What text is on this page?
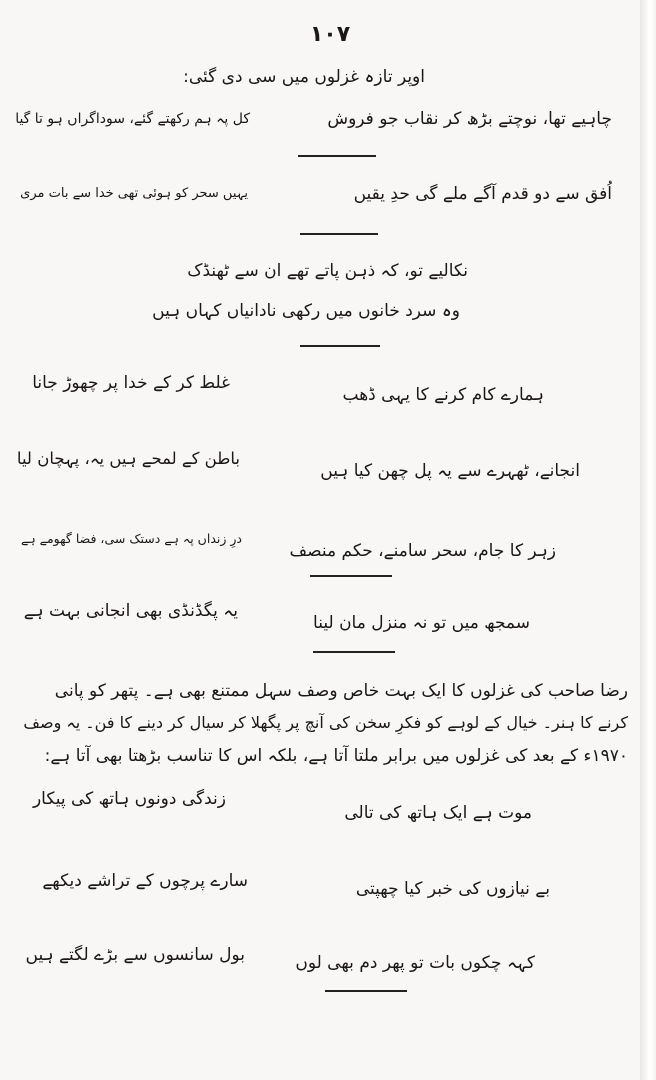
۱۰۷
اوپر تازہ غزلوں میں سی دی گئی:
کل پہ ہم رکھتے گئے، سوداگراں ہو تا گیا	چاہیے تھا، نوچتے بڑھ کر نقاب جو فروش
یہیں سحر کو ہوئی تھی خدا سے بات مری	اُفق سے دو قدم آگے ملے گی حدِ یقیں
نکالیے تو، کہ ذہن پاتے تھے ان سے ٹھنڈک
وہ سرد خانوں میں رکھی نادانیاں کہاں ہیں
غلط کر کے خدا پر چھوڑ جانا
ہمارے کام کرنے کا یہی ڈھب
باطن کے لمحے ہیں یہ، پہچان لیا
انجانے، ٹھہرے سے یہ پل چھن کیا ہیں
درِ زنداں پہ ہے دستک سی، فضا گھومے ہے
زہر کا جام، سحر سامنے، حکم منصف
یہ پگڈنڈی بھی انجانی بہت ہے
سمجھ میں تو نہ منزل مان لینا
رضا صاحب کی غزلوں کا ایک بہت خاص وصف سہل ممتنع بھی ہے۔ پتھر کو پانی
کرنے کا ہنر۔ خیال کے لوہے کو فکرِ سخن کی آنچ پر پگھلا کر سیال کر دینے کا فن۔ یہ وصف
۱۹۷۰ء کے بعد کی غزلوں میں برابر ملتا آتا ہے، بلکہ اس کا تناسب بڑھتا بھی آتا ہے:
زندگی دونوں ہاتھ کی پیکار
موت ہے ایک ہاتھ کی تالی
سارے پرچوں کے تراشے دیکھے	بے نیازوں کی خبر کیا چھپتی
بول سانسوں سے بڑے لگتے ہیں	کہہ چکوں بات تو پھر دم بھی لوں
